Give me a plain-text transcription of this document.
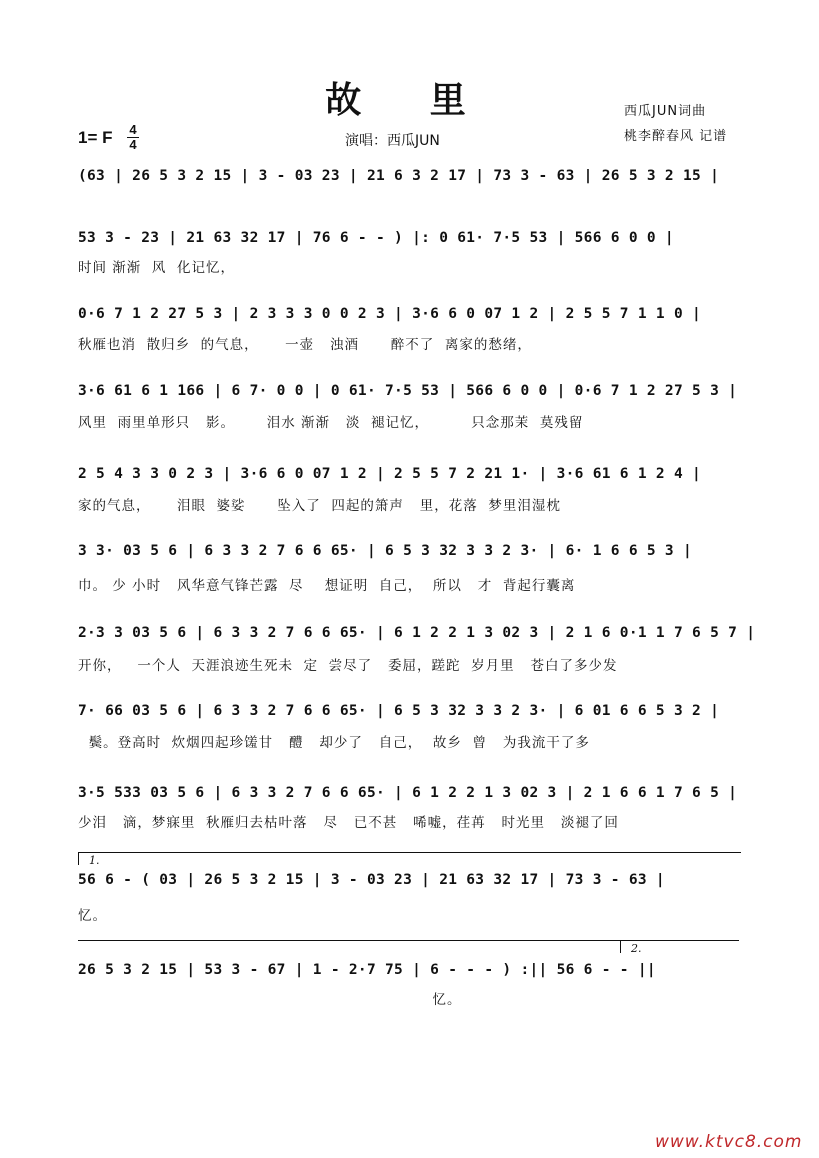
故 里
1= F 4
4	演唱：西瓜JUN
西瓜JUN词曲
桃李醉春风 记谱
(63 | 26 5 3 2 15 | 3 - 03 23 | 21 6 3 2 17 | 73 3 - 63 | 26 5 3 2 15 |
53 3 - 23 | 21 63 32 17 | 76 6 - - ) |: 0 61· 7·5 53 | 566 6 0 0 |
时间 渐渐  风  化记忆，
0·6 7 1 2 27 5 3 | 2 3 3 3 0 0 2 3 | 3·6 6 0 07 1 2 | 2 5 5 7 1 1 0 |
秋雁也消  散归乡  的气息，     一壶   浊酒      醉不了  离家的愁绪，
3·6 61 6 1 166 | 6 7· 0 0 | 0 61· 7·5 53 | 566 6 0 0 | 0·6 7 1 2 27 5 3 |
风里  雨里单形只   影。      泪水 渐渐   淡  褪记忆，        只念那茉  莫残留
2 5 4 3 3 0 2 3 | 3·6 6 0 07 1 2 | 2 5 5 7 2 21 1· | 3·6 61 6 1 2 4 |
家的气息，     泪眼  婆娑      坠入了  四起的箫声   里，花落  梦里泪湿枕
3 3· 03 5 6 | 6 3 3 2 7 6 6 65· | 6 5 3 32 3 3 2 3· | 6· 1 6 6 5 3 |
巾。 少 小时   风华意气锋芒露  尽    想证明  自己，  所以   才  背起行囊离
2·3 3 03 5 6 | 6 3 3 2 7 6 6 65· | 6 1 2 2 1 3 02 3 | 2 1 6 0·1 1 7 6 5 7 |
开你，   一个人  天涯浪迹生死未  定  尝尽了   委屈，蹉跎  岁月里   苍白了多少发
7· 66 03 5 6 | 6 3 3 2 7 6 6 65· | 6 5 3 32 3 3 2 3· | 6 01 6 6 5 3 2 |
鬓。登高时  炊烟四起珍馐甘   醴   却少了   自己，  故乡  曾   为我流干了多
3·5 533 03 5 6 | 6 3 3 2 7 6 6 65· | 6 1 2 2 1 3 02 3 | 2 1 6 6 1 7 6 5 |
少泪   滴，梦寐里  秋雁归去枯叶落   尽   已不甚   唏嘘，荏苒   时光里   淡褪了回
1.
56 6 - ( 03 | 26 5 3 2 15 | 3 - 03 23 | 21 63 32 17 | 73 3 - 63 |
忆。
2.
26 5 3 2 15 | 53 3 - 67 | 1 - 2·7 75 | 6 - - - ) :|| 56 6 - - ||
忆。
www.ktvc8.com
